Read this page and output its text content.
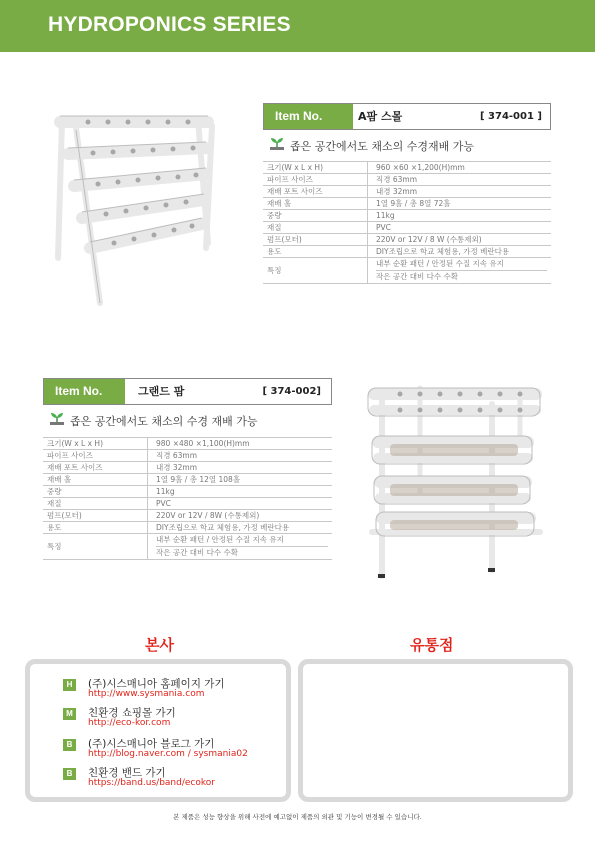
HYDROPONICS SERIES
Item No.	A팜 스몰	[ 374-001 ]
좁은 공간에서도 채소의 수경재배 가능
크기(W x L x H)	960 ×60 ×1,200(H)mm
파이프 사이즈	직경 63mm
재배 포트 사이즈	내경 32mm
재배 홀	1열 9홀 / 총 8열 72홀
중량	11kg
재질	PVC
펌프(모터)	220V or 12V / 8 W (수통제외)
용도	DIY조립으로 학교 체험용, 가정 베란다용
특징	내부 순환 패턴 / 안정된 수질 지속 유지
작은 공간 대비 다수 수확
Item No.	그랜드 팜	[ 374-002]
좁은 공간에서도 채소의 수경 재배 가능
크기(W x L x H)	980 ×480 ×1,100(H)mm
파이프 사이즈	직경 63mm
재배 포트 사이즈	내경 32mm
재배 홀	1열 9홀 / 총 12열 108홀
중량	11kg
재질	PVC
펌프(모터)	220V or 12V / 8W (수통제외)
용도	DIY조립으로 학교 체험용, 가정 베란다용
특징	내부 순환 패턴 / 안정된 수질 지속 유지
작은 공간 대비 다수 수확
본사
H	(주)시스매니아 홈페이지 가기
http://www.sysmania.com
M	친환경 쇼핑몰 가기
http://eco-kor.com
B	(주)시스매니아 블로그 가기
http://blog.naver.com / sysmania02
B	친환경 밴드 가기
https://band.us/band/ecokor
유통점
본 제품은 성능 향상을 위해 사전에 예고없이 제품의 외관 및 기능이 변경될 수 있습니다.
